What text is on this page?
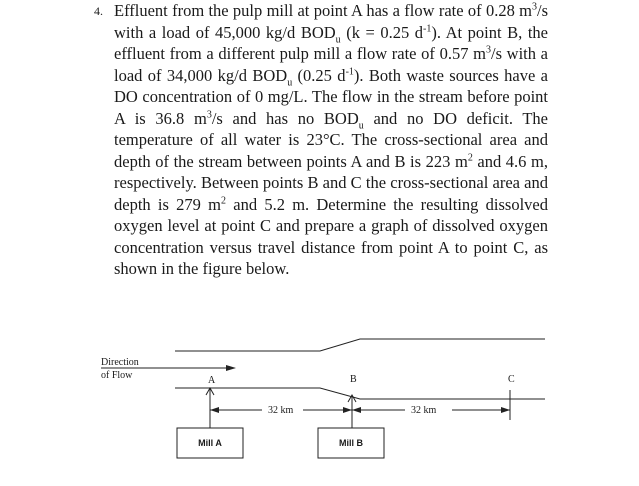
4. Effluent from the pulp mill at point A has a flow rate of 0.28 $m^3/s$ with a load of 45,000 kg/d $BOD_u$ (k = 0.25 $d^{-1}$). At point B, the effluent from a different pulp mill a flow rate of 0.57 $m^3/s$ with a load of 34,000 kg/d $BOD_u$ (0.25 $d^{-1}$). Both waste sources have a DO concentration of 0 mg/L. The flow in the stream before point A is 36.8 $m^3/s$ and has no $BOD_u$ and no DO deficit. The temperature of all water is 23°C. The cross-sectional area and depth of the stream between points A and B is 223 $m^2$ and 4.6 m, respectively. Between points B and C the cross-sectional area and depth is 279 $m^2$ and 5.2 m. Determine the resulting dissolved oxygen level at point C and prepare a graph of dissolved oxygen concentration versus travel distance from point A to point C, as shown in the figure below.

Direction
of Flow	A	B	C
32 km	32 km
Mill A	Mill B
